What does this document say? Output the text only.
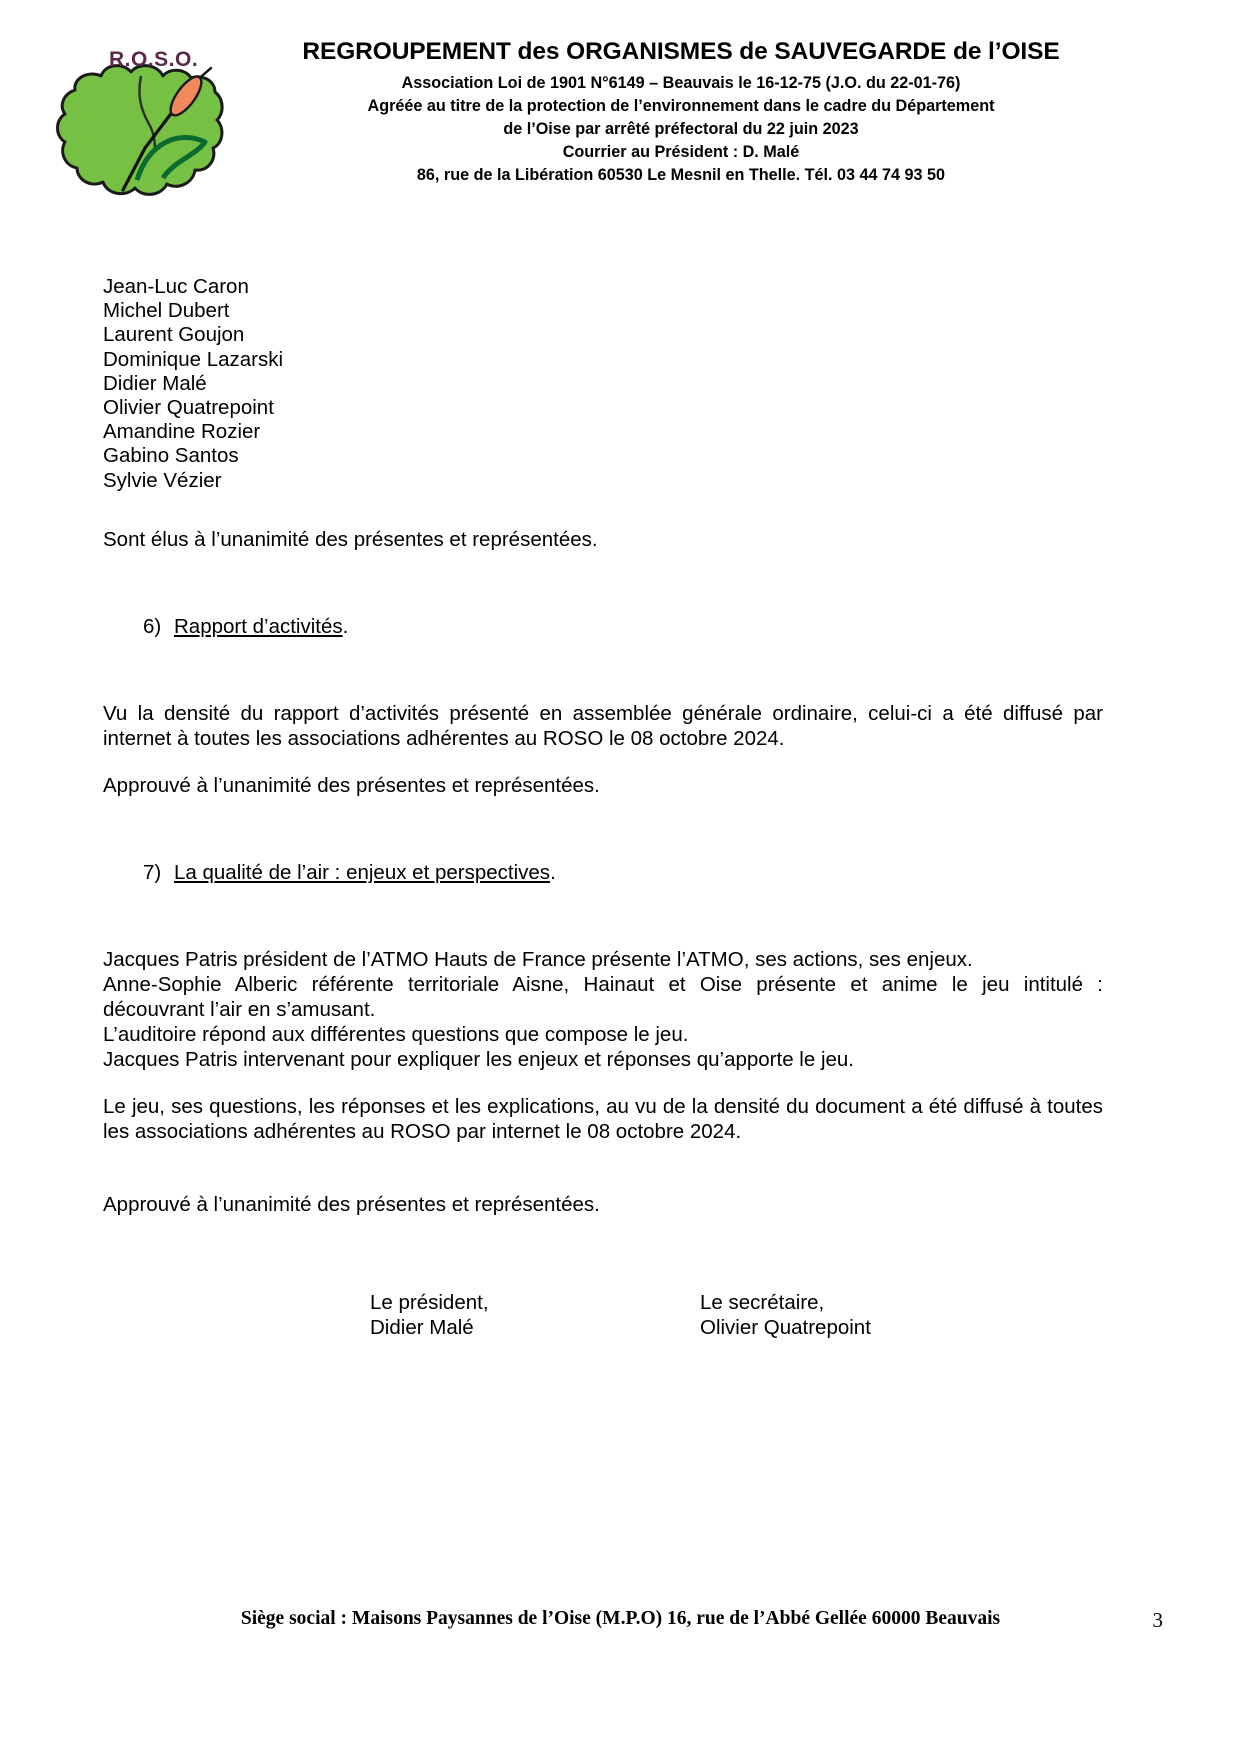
R.O.S.O.	REGROUPEMENT des ORGANISMES de SAUVEGARDE de l’OISE
Association Loi de 1901 N°6149 – Beauvais le 16-12-75 (J.O. du 22-01-76)
Agréée au titre de la protection de l’environnement dans le cadre du Département
de l’Oise par arrêté préfectoral du 22 juin 2023
Courrier au Président : D. Malé
86, rue de la Libération 60530 Le Mesnil en Thelle. Tél. 03 44 74 93 50
Jean-Luc Caron
Michel Dubert
Laurent Goujon
Dominique Lazarski
Didier Malé
Olivier Quatrepoint
Amandine Rozier
Gabino Santos
Sylvie Vézier

Sont élus à l’unanimité des présentes et représentées.

6) Rapport d’activités.

Vu la densité du rapport d’activités présenté en assemblée générale ordinaire, celui-ci a été diffusé par internet à toutes les associations adhérentes au ROSO le 08 octobre 2024.

Approuvé à l’unanimité des présentes et représentées.

7) La qualité de l’air : enjeux et perspectives.

Jacques Patris président de l’ATMO Hauts de France présente l’ATMO, ses actions, ses enjeux.
Anne-Sophie Alberic référente territoriale Aisne, Hainaut et Oise présente et anime le jeu intitulé :
découvrant l’air en s’amusant.
L’auditoire répond aux différentes questions que compose le jeu.
Jacques Patris intervenant pour expliquer les enjeux et réponses qu’apporte le jeu.

Le jeu, ses questions, les réponses et les explications, au vu de la densité du document a été diffusé à toutes les associations adhérentes au ROSO par internet le 08 octobre 2024.

Approuvé à l’unanimité des présentes et représentées.

Le président,
Didier Malé
Le secrétaire,
Olivier Quatrepoint
Siège social : Maisons Paysannes de l’Oise (M.P.O) 16, rue de l’Abbé Gellée 60000 Beauvais	3
